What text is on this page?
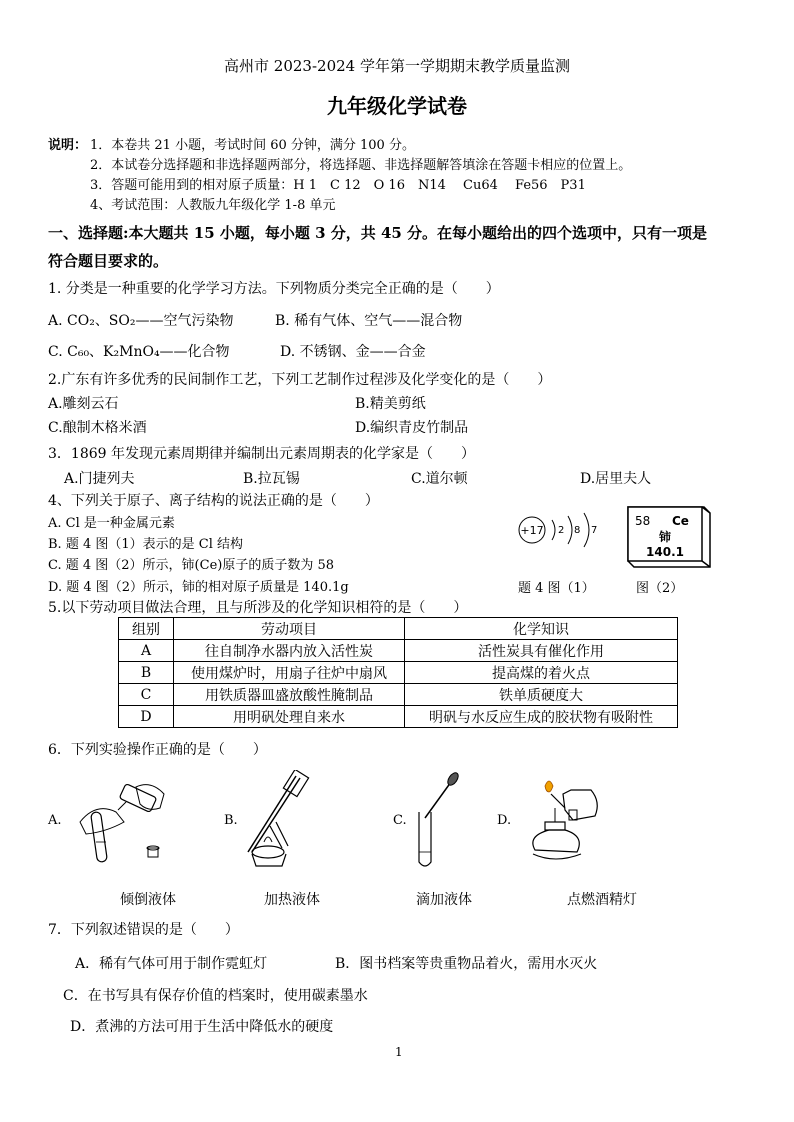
高州市 2023-2024 学年第一学期期末教学质量监测
九年级化学试卷
说明： 1．本卷共 21 小题，考试时间 60 分钟，满分 100 分。
2．本试卷分选择题和非选择题两部分，将选择题、非选择题解答填涂在答题卡相应的位置上。
3．答题可能用到的相对原子质量：H 1　C 12　O 16　N14　 Cu64　 Fe56　P31
4、考试范围：人教版九年级化学 1-8 单元
一、选择题:本大题共 15 小题，每小题 3 分，共 45 分。在每小题给出的四个选项中，只有一项是
符合题目要求的。
1. 分类是一种重要的化学学习方法。下列物质分类完全正确的是（　　）
A. CO₂、SO₂——空气污染物	B. 稀有气体、空气——混合物
C. C₆₀、K₂MnO₄——化合物	D. 不锈钢、金——合金
2.广东有许多优秀的民间制作工艺，下列工艺制作过程涉及化学变化的是（　　）
A.雕刻云石	B.精美剪纸
C.酿制木格米酒	D.编织青皮竹制品
3．1869 年发现元素周期律并编制出元素周期表的化学家是（　　）
A.门捷列夫	B.拉瓦锡	C.道尔顿	D.居里夫人
4、下列关于原子、离子结构的说法正确的是（　　）
A. Cl 是一种金属元素
B. 题 4 图（1）表示的是 Cl 结构
C. 题 4 图（2）所示，铈(Ce)原子的质子数为 58
D. 题 4 图（2）所示，铈的相对原子质量是 140.1g
+17 2 8 7
58 Ce
铈
140.1
题 4 图（1）	图（2）
5.以下劳动项目做法合理，且与所涉及的化学知识相符的是（　　）
组别	劳动项目	化学知识
A	往自制净水器内放入活性炭	活性炭具有催化作用
B	使用煤炉时，用扇子往炉中扇风	提高煤的着火点
C	用铁质器皿盛放酸性腌制品	铁单质硬度大
D	用明矾处理自来水	明矾与水反应生成的胶状物有吸附性
6．下列实验操作正确的是（　　）
A.	B.	C.	D.
倾倒液体	加热液体	滴加液体	点燃酒精灯
7．下列叙述错误的是（　　）
A．稀有气体可用于制作霓虹灯	B．图书档案等贵重物品着火，需用水灭火
C．在书写具有保存价值的档案时，使用碳素墨水
D．煮沸的方法可用于生活中降低水的硬度
1
